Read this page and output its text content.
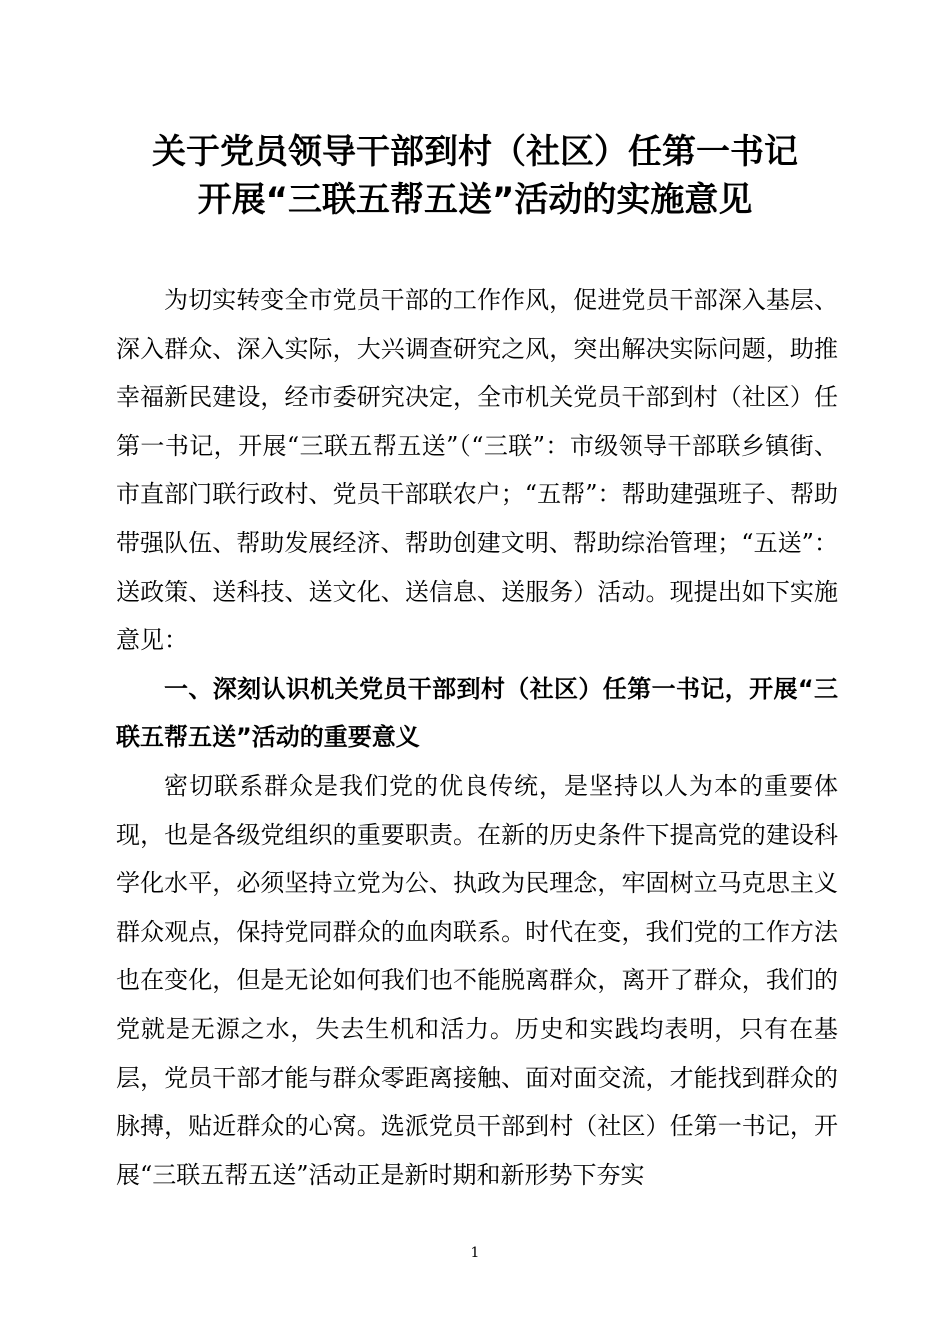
关于党员领导干部到村（社区）任第一书记
开展“三联五帮五送”活动的实施意见

为切实转变全市党员干部的工作作风，促进党员干部深入基层、深入群众、深入实际，大兴调查研究之风，突出解决实际问题，助推幸福新民建设，经市委研究决定，全市机关党员干部到村（社区）任第一书记，开展“三联五帮五送”（“三联”：市级领导干部联乡镇街、市直部门联行政村、党员干部联农户；“五帮”：帮助建强班子、帮助带强队伍、帮助发展经济、帮助创建文明、帮助综治管理；“五送”：送政策、送科技、送文化、送信息、送服务）活动。现提出如下实施意见：

一、深刻认识机关党员干部到村（社区）任第一书记，开展“三联五帮五送”活动的重要意义

密切联系群众是我们党的优良传统，是坚持以人为本的重要体现，也是各级党组织的重要职责。在新的历史条件下提高党的建设科学化水平，必须坚持立党为公、执政为民理念，牢固树立马克思主义群众观点，保持党同群众的血肉联系。时代在变，我们党的工作方法也在变化，但是无论如何我们也不能脱离群众，离开了群众，我们的党就是无源之水，失去生机和活力。历史和实践均表明，只有在基层，党员干部才能与群众零距离接触、面对面交流，才能找到群众的脉搏，贴近群众的心窝。选派党员干部到村（社区）任第一书记，开展“三联五帮五送”活动正是新时期和新形势下夯实

1
